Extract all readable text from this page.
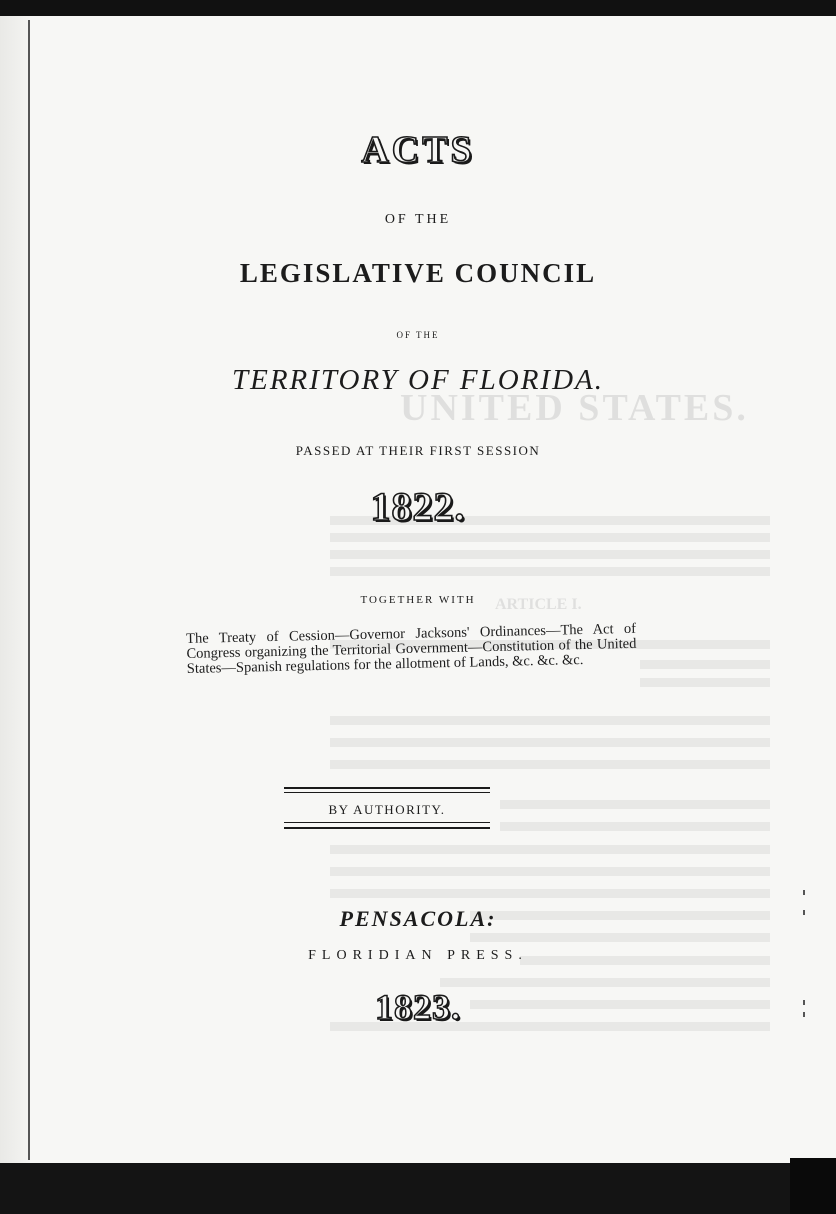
UNITED STATES.
ARTICLE I.
ACTS
OF THE
LEGISLATIVE COUNCIL
OF THE
TERRITORY OF FLORIDA.
PASSED AT THEIR FIRST SESSION
1822.
TOGETHER WITH
The Treaty of Cession—Governor Jacksons' Ordinances—The Act of Congress organizing the Territorial Government—Constitution of the United States—Spanish regulations for the allotment of Lands, &c. &c. &c.
BY AUTHORITY.
PENSACOLA:
FLORIDIAN PRESS.
1823.
